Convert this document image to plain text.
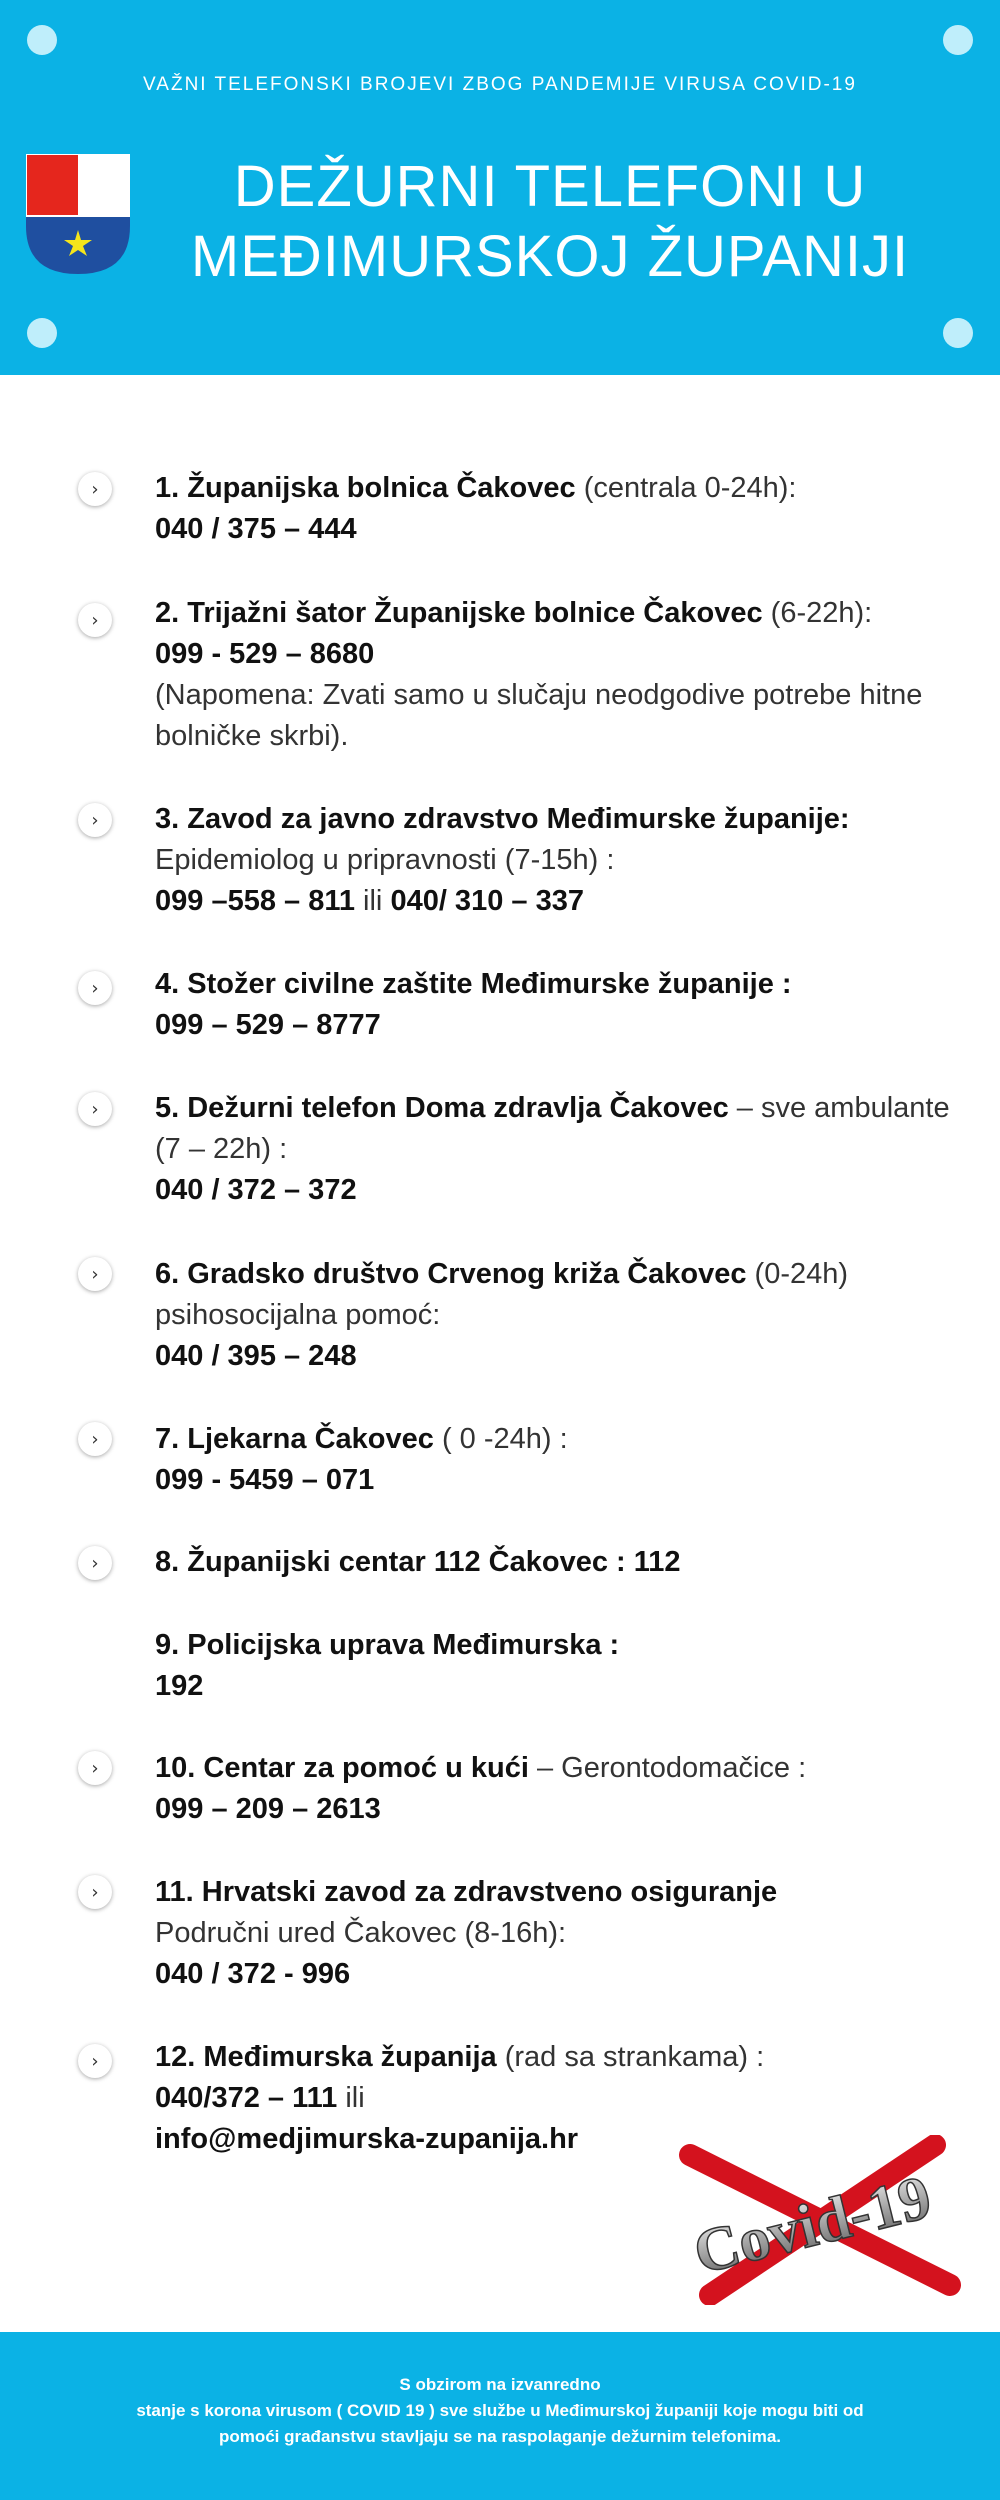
VAŽNI TELEFONSKI BROJEVI ZBOG PANDEMIJE VIRUSA COVID-19
DEŽURNI TELEFONI U
MEĐIMURSKOJ ŽUPANIJI
›	1. Županijska bolnica Čakovec (centrala 0-24h):
040 / 375 – 444
›	2. Trijažni šator Županijske bolnice Čakovec (6-22h):
099 - 529 – 8680
(Napomena: Zvati samo u slučaju neodgodive potrebe hitne bolničke skrbi).
›	3. Zavod za javno zdravstvo Međimurske županije:
Epidemiolog u pripravnosti (7-15h) :
099 –558 – 811 ili 040/ 310 – 337
›	4. Stožer civilne zaštite Međimurske županije :
099 – 529 – 8777
›	5. Dežurni telefon Doma zdravlja Čakovec – sve ambulante (7 – 22h) :
040 / 372 – 372
›	6. Gradsko društvo Crvenog križa Čakovec (0-24h) psihosocijalna pomoć:
040 / 395 – 248
›	7. Ljekarna Čakovec ( 0 -24h) :
099 - 5459 – 071
›	8. Županijski centar 112 Čakovec : 112
9. Policijska uprava Međimurska :
192
›	10. Centar za pomoć u kući – Gerontodomačice :
099 – 209 – 2613
›	11. Hrvatski zavod za zdravstveno osiguranje
Područni ured Čakovec (8-16h):
040 / 372 - 996
›	12. Međimurska županija (rad sa strankama) :
040/372 – 111 ili
info@medjimurska-zupanija.hr
Covid-19
S obzirom na izvanredno
stanje s korona virusom ( COVID 19 ) sve službe u Međimurskoj županiji koje mogu biti od pomoći građanstvu stavljaju se na raspolaganje dežurnim telefonima.
